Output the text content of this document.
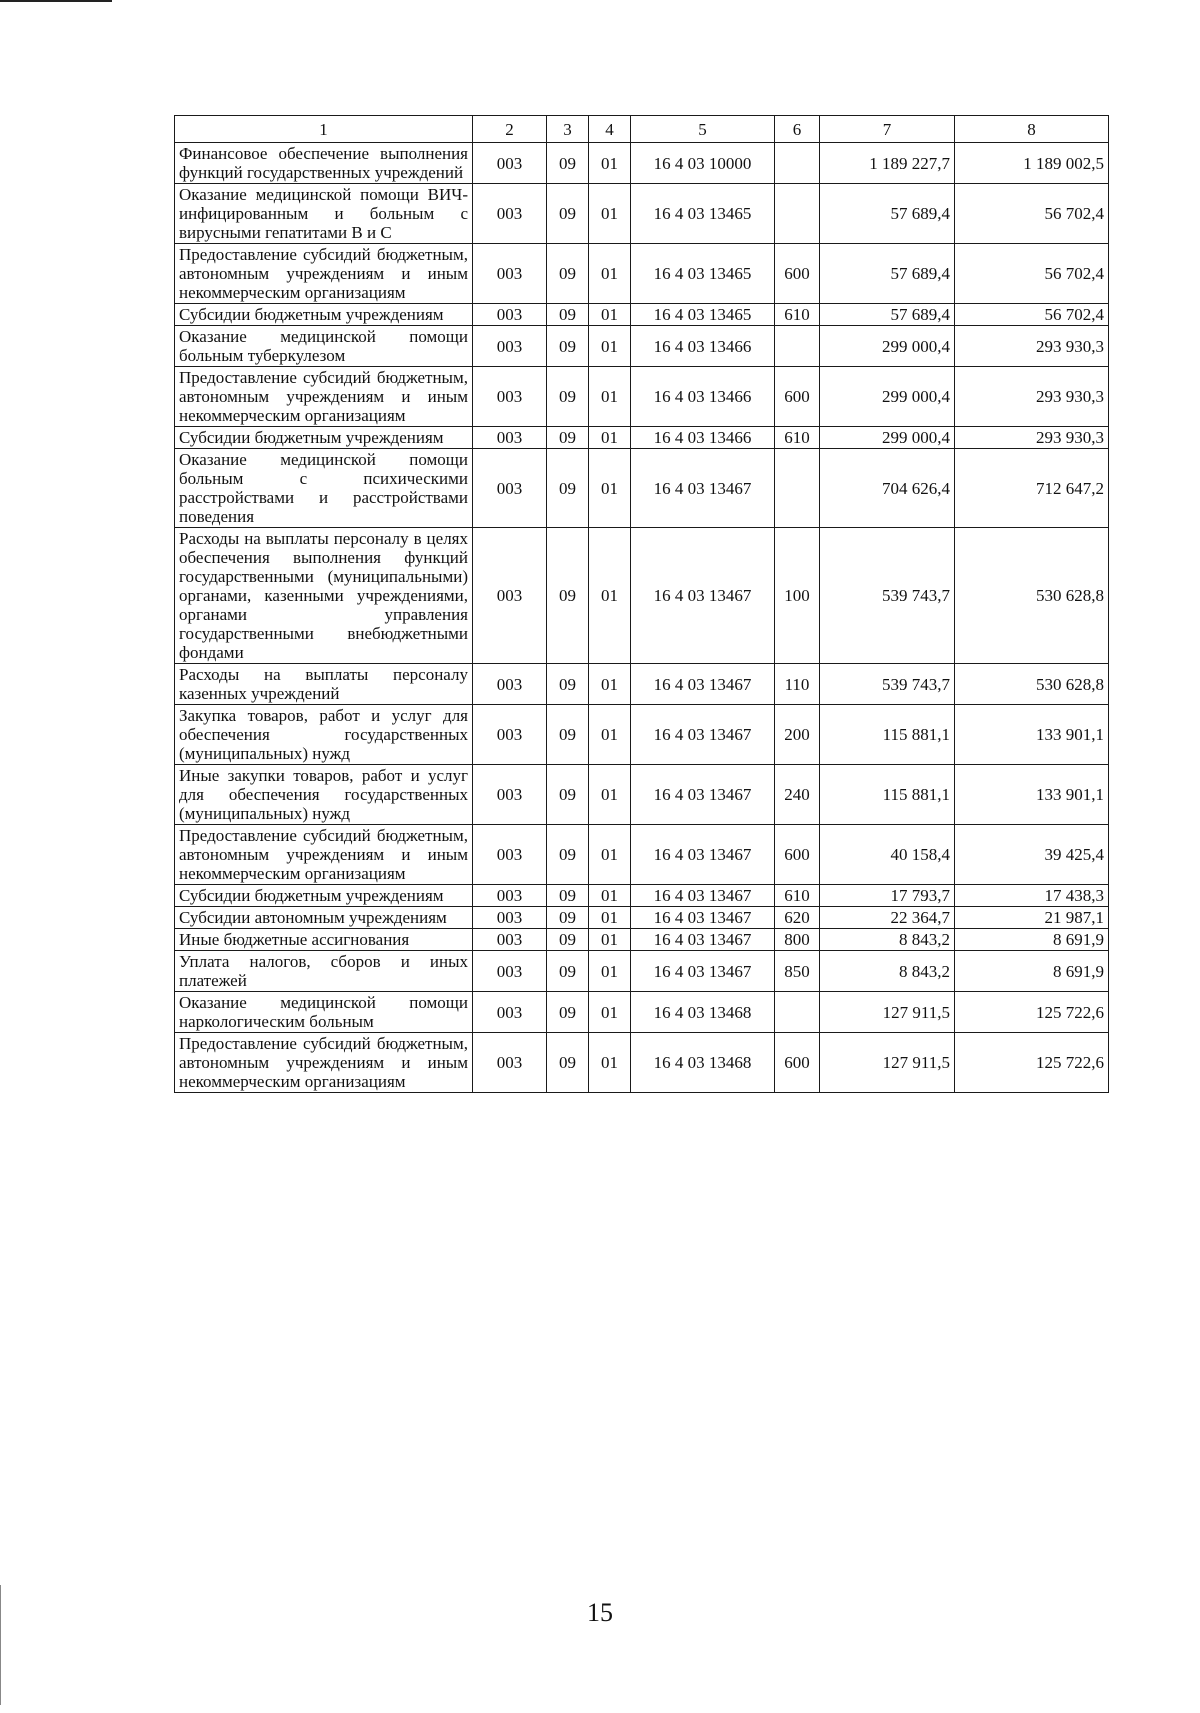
1	2	3	4	5	6	7	8
Финансовое обеспечение выполнения функций государственных учреждений	003	09	01	16 4 03 10000		1 189 227,7	1 189 002,5
Оказание медицинской помощи ВИЧ-инфицированным и больным с вирусными гепатитами В и С	003	09	01	16 4 03 13465		57 689,4	56 702,4
Предоставление субсидий бюджетным, автономным учреждениям и иным некоммерческим организациям	003	09	01	16 4 03 13465	600	57 689,4	56 702,4
Субсидии бюджетным учреждениям	003	09	01	16 4 03 13465	610	57 689,4	56 702,4
Оказание медицинской помощи больным туберкулезом	003	09	01	16 4 03 13466		299 000,4	293 930,3
Предоставление субсидий бюджетным, автономным учреждениям и иным некоммерческим организациям	003	09	01	16 4 03 13466	600	299 000,4	293 930,3
Субсидии бюджетным учреждениям	003	09	01	16 4 03 13466	610	299 000,4	293 930,3
Оказание медицинской помощи больным с психическими расстройствами и расстройствами поведения	003	09	01	16 4 03 13467		704 626,4	712 647,2
Расходы на выплаты персоналу в целях обеспечения выполнения функций государственными (муниципальными) органами, казенными учреждениями, органами управления государственными внебюджетными фондами	003	09	01	16 4 03 13467	100	539 743,7	530 628,8
Расходы на выплаты персоналу казенных учреждений	003	09	01	16 4 03 13467	110	539 743,7	530 628,8
Закупка товаров, работ и услуг для обеспечения государственных (муниципальных) нужд	003	09	01	16 4 03 13467	200	115 881,1	133 901,1
Иные закупки товаров, работ и услуг для обеспечения государственных (муниципальных) нужд	003	09	01	16 4 03 13467	240	115 881,1	133 901,1
Предоставление субсидий бюджетным, автономным учреждениям и иным некоммерческим организациям	003	09	01	16 4 03 13467	600	40 158,4	39 425,4
Субсидии бюджетным учреждениям	003	09	01	16 4 03 13467	610	17 793,7	17 438,3
Субсидии автономным учреждениям	003	09	01	16 4 03 13467	620	22 364,7	21 987,1
Иные бюджетные ассигнования	003	09	01	16 4 03 13467	800	8 843,2	8 691,9
Уплата налогов, сборов и иных платежей	003	09	01	16 4 03 13467	850	8 843,2	8 691,9
Оказание медицинской помощи наркологическим больным	003	09	01	16 4 03 13468		127 911,5	125 722,6
Предоставление субсидий бюджетным, автономным учреждениям и иным некоммерческим организациям	003	09	01	16 4 03 13468	600	127 911,5	125 722,6
15
